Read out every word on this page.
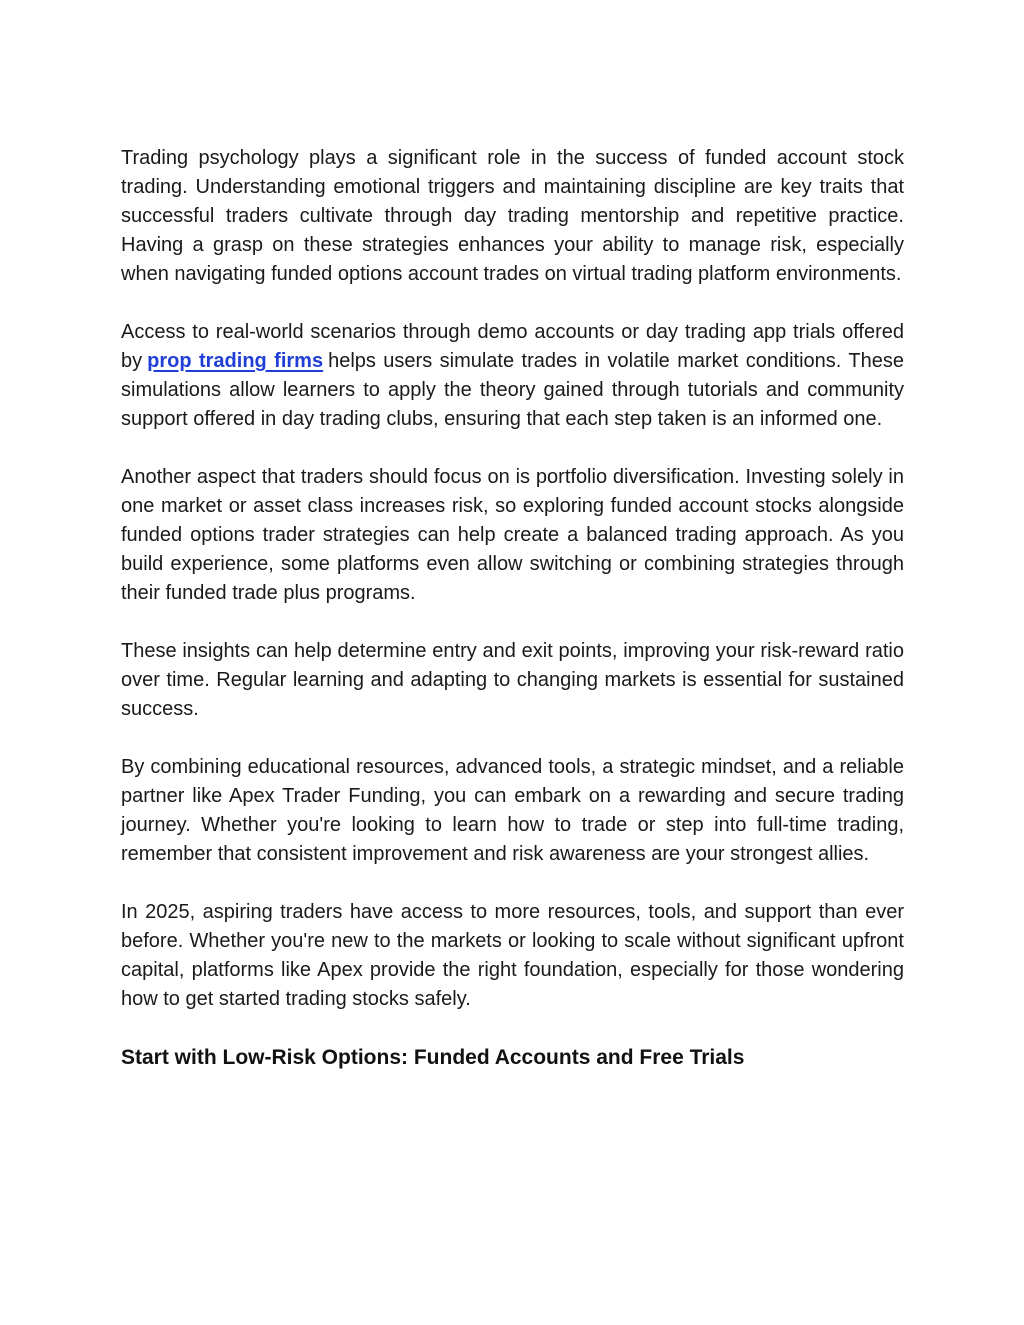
Trading psychology plays a significant role in the success of funded account stock trading. Understanding emotional triggers and maintaining discipline are key traits that successful traders cultivate through day trading mentorship and repetitive practice. Having a grasp on these strategies enhances your ability to manage risk, especially when navigating funded options account trades on virtual trading platform environments.

Access to real-world scenarios through demo accounts or day trading app trials offered by prop trading firms helps users simulate trades in volatile market conditions. These simulations allow learners to apply the theory gained through tutorials and community support offered in day trading clubs, ensuring that each step taken is an informed one.

Another aspect that traders should focus on is portfolio diversification. Investing solely in one market or asset class increases risk, so exploring funded account stocks alongside funded options trader strategies can help create a balanced trading approach. As you build experience, some platforms even allow switching or combining strategies through their funded trade plus programs.

These insights can help determine entry and exit points, improving your risk-reward ratio over time. Regular learning and adapting to changing markets is essential for sustained success.

By combining educational resources, advanced tools, a strategic mindset, and a reliable partner like Apex Trader Funding, you can embark on a rewarding and secure trading journey. Whether you're looking to learn how to trade or step into full-time trading, remember that consistent improvement and risk awareness are your strongest allies.

In 2025, aspiring traders have access to more resources, tools, and support than ever before. Whether you're new to the markets or looking to scale without significant upfront capital, platforms like Apex provide the right foundation, especially for those wondering how to get started trading stocks safely.

Start with Low-Risk Options: Funded Accounts and Free Trials
